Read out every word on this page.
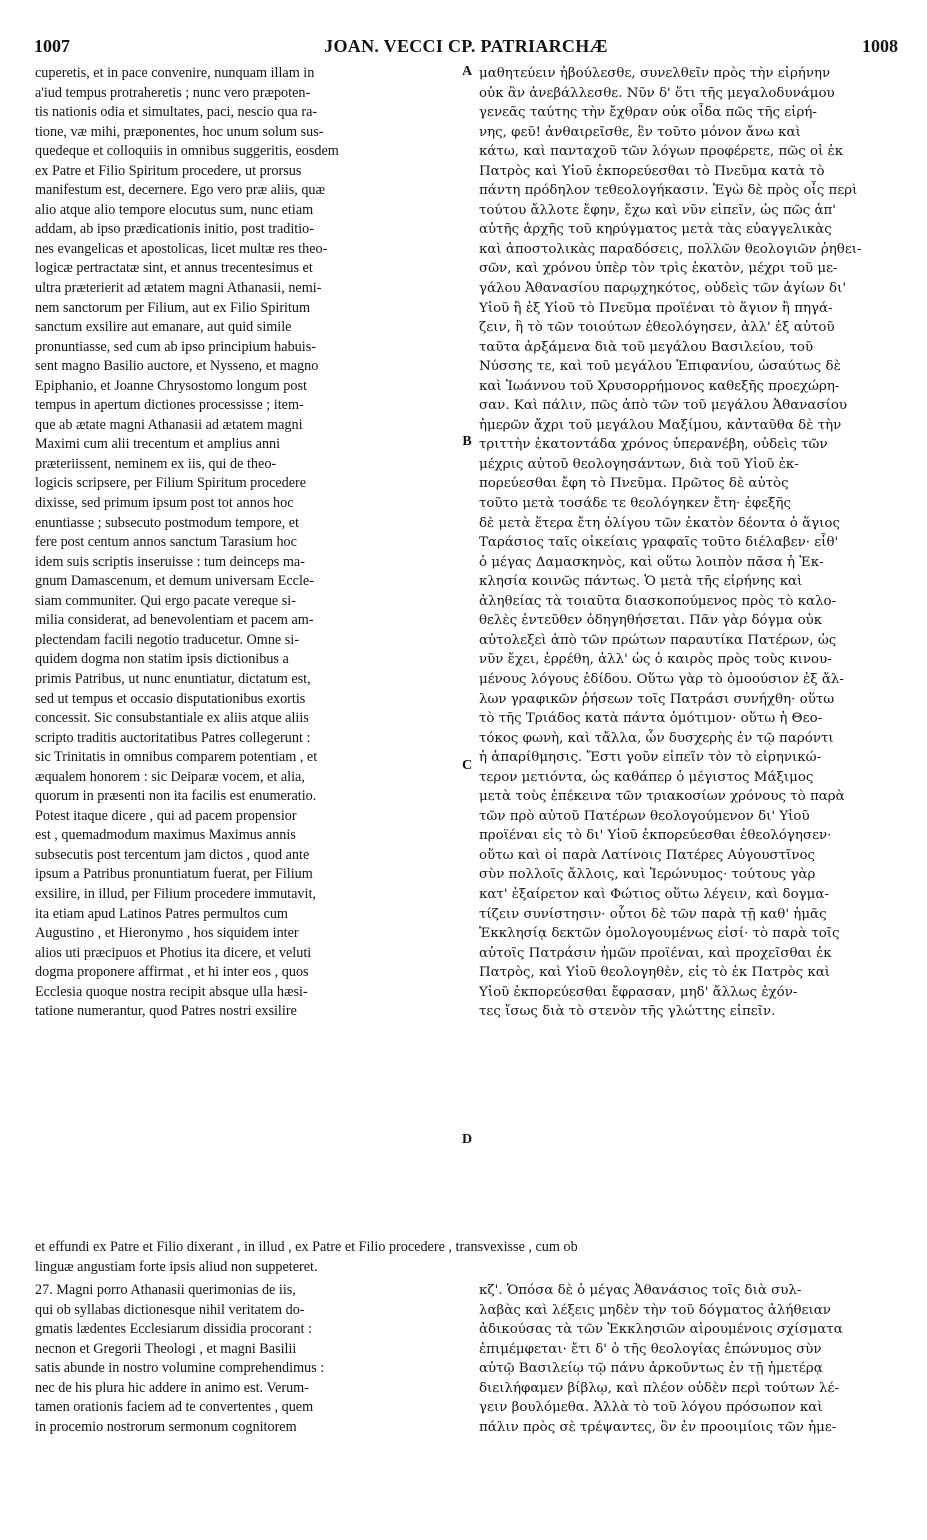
1007	JOAN. VECCI CP. PATRIARCHÆ	1008
A
B
C
D
cuperetis, et in pace convenire, nunquam illam in
a'iud tempus protraheretis ; nunc vero præpoten-
tis nationis odia et simultates, paci, nescio qua ra-
tione, væ mihi, præponentes, hoc unum solum sus-
quedeque et colloquiis in omnibus suggeritis, eosdem
ex Patre et Filio Spiritum procedere, ut prorsus
manifestum est, decernere. Ego vero præ aliis, quæ
alio atque alio tempore elocutus sum, nunc etiam
addam, ab ipso prædicationis initio, post traditio-
nes evangelicas et apostolicas, licet multæ res theo-
logicæ pertractatæ sint, et annus trecentesimus et
ultra præterierit ad ætatem magni Athanasii, nemi-
nem sanctorum per Filium, aut ex Filio Spiritum
sanctum exsilire aut emanare, aut quid simile
pronuntiasse, sed cum ab ipso principium habuis-
sent magno Basilio auctore, et Nysseno, et magno
Epiphanio, et Joanne Chrysostomo longum post
tempus in apertum dictiones processisse ; item-
que ab ætate magni Athanasii ad ætatem magni
Maximi cum alii trecentum et amplius anni
præteriissent, neminem ex iis, qui de theo-
logicis scripsere, per Filium Spiritum procedere
dixisse, sed primum ipsum post tot annos hoc
enuntiasse ; subsecuto postmodum tempore, et
fere post centum annos sanctum Tarasium hoc
idem suis scriptis inseruisse : tum deinceps ma-
gnum Damascenum, et demum universam Eccle-
siam communiter. Qui ergo pacate vereque si-
milia considerat, ad benevolentiam et pacem am-
plectendam facili negotio traducetur. Omne si-
quidem dogma non statim ipsis dictionibus a
primis Patribus, ut nunc enuntiatur, dictatum est,
sed ut tempus et occasio disputationibus exortis
concessit. Sic consubstantiale ex aliis atque aliis
scripto traditis auctoritatibus Patres collegerunt :
sic Trinitatis in omnibus comparem potentiam , et
æqualem honorem : sic Deiparæ vocem, et alia,
quorum in præsenti non ita facilis est enumeratio.
Potest itaque dicere , qui ad pacem propensior
est , quemadmodum maximus Maximus annis
subsecutis post tercentum jam dictos , quod ante
ipsum a Patribus pronuntiatum fuerat, per Filium
exsilire, in illud, per Filium procedere immutavit,
ita etiam apud Latinos Patres permultos cum
Augustino , et Hieronymo , hos siquidem inter
alios uti præcipuos et Photius ita dicere, et veluti
dogma proponere affirmat , et hi inter eos , quos
Ecclesia quoque nostra recipit absque ulla hæsi-
tatione numerantur, quod Patres nostri exsilire
μαθητεύειν ἠβούλεσθε, συνελθεῖν πρὸς τὴν εἰρήνην
οὐκ ἂν ἀνεβάλλεσθε. Νῦν δ' ὅτι τῆς μεγαλοδυνάμου
γενεᾶς ταύτης τὴν ἔχθραν οὐκ οἶδα πῶς τῆς εἰρή-
νης, φεῦ! ἀνθαιρεῖσθε, ἓν τοῦτο μόνον ἄνω καὶ
κάτω, καὶ πανταχοῦ τῶν λόγων προφέρετε, πῶς οἱ ἐκ
Πατρὸς καὶ Υἱοῦ ἐκπορεύεσθαι τὸ Πνεῦμα κατὰ τὸ
πάντη πρόδηλον τεθεολογήκασιν. Ἐγὼ δὲ πρὸς οἷς περὶ
τούτου ἄλλοτε ἔφην, ἔχω καὶ νῦν εἰπεῖν, ὡς πῶς ἀπ'
αὐτῆς ἀρχῆς τοῦ κηρύγματος μετὰ τὰς εὐαγγελικὰς
καὶ ἀποστολικὰς παραδόσεις, πολλῶν θεολογιῶν ῥηθει-
σῶν, καὶ χρόνου ὑπὲρ τὸν τρὶς ἑκατὸν, μέχρι τοῦ με-
γάλου Ἀθανασίου παρῳχηκότος, οὐδεὶς τῶν ἁγίων δι'
Υἱοῦ ἢ ἐξ Υἱοῦ τὸ Πνεῦμα προϊέναι τὸ ἅγιον ἢ πηγά-
ζειν, ἢ τὸ τῶν τοιούτων ἐθεολόγησεν, ἀλλ' ἐξ αὐτοῦ
ταῦτα ἀρξάμενα διὰ τοῦ μεγάλου Βασιλείου, τοῦ
Νύσσης τε, καὶ τοῦ μεγάλου Ἐπιφανίου, ὡσαύτως δὲ
καὶ Ἰωάννου τοῦ Χρυσορρήμονος καθεξῆς προεχώρη-
σαν. Καὶ πάλιν, πῶς ἀπὸ τῶν τοῦ μεγάλου Ἀθανασίου
ἡμερῶν ἄχρι τοῦ μεγάλου Μαξίμου, κἀνταῦθα δὲ τὴν
τριττὴν ἑκατοντάδα χρόνος ὑπερανέβη, οὐδεὶς τῶν
μέχρις αὐτοῦ θεολογησάντων, διὰ τοῦ Υἱοῦ ἐκ-
πορεύεσθαι ἔφη τὸ Πνεῦμα. Πρῶτος δὲ αὐτὸς
τοῦτο μετὰ τοσάδε τε θεολόγηκεν ἔτη· ἐφεξῆς
δὲ μετὰ ἕτερα ἔτη ὀλίγου τῶν ἑκατὸν δέοντα ὁ ἅγιος
Ταράσιος ταῖς οἰκείαις γραφαῖς τοῦτο διέλαβεν· εἶθ'
ὁ μέγας Δαμασκηνὸς, καὶ οὕτω λοιπὸν πᾶσα ἡ Ἐκ-
κλησία κοινῶς πάντως. Ὁ μετὰ τῆς εἰρήνης καὶ
ἀληθείας τὰ τοιαῦτα διασκοπούμενος πρὸς τὸ καλο-
θελὲς ἐντεῦθεν ὁδηγηθήσεται. Πᾶν γὰρ δόγμα οὐκ
αὐτολεξεὶ ἀπὸ τῶν πρώτων παραυτίκα Πατέρων, ὡς
νῦν ἔχει, ἐρρέθη, ἀλλ' ὡς ὁ καιρὸς πρὸς τοὺς κινου-
μένους λόγους ἐδίδου. Οὕτω γὰρ τὸ ὁμοούσιον ἐξ ἄλ-
λων γραφικῶν ῥήσεων τοῖς Πατράσι συνήχθη· οὕτω
τὸ τῆς Τριάδος κατὰ πάντα ὁμότιμον· οὕτω ἡ Θεο-
τόκος φωνὴ, καὶ τἄλλα, ὧν δυσχερὴς ἐν τῷ παρόντι
ἡ ἀπαρίθμησις. Ἔστι γοῦν εἰπεῖν τὸν τὸ εἰρηνικώ-
τερον μετιόντα, ὡς καθάπερ ὁ μέγιστος Μάξιμος
μετὰ τοὺς ἐπέκεινα τῶν τριακοσίων χρόνους τὸ παρὰ
τῶν πρὸ αὐτοῦ Πατέρων θεολογούμενον δι' Υἱοῦ
προϊέναι εἰς τὸ δι' Υἱοῦ ἐκπορεύεσθαι ἐθεολόγησεν·
οὕτω καὶ οἱ παρὰ Λατίνοις Πατέρες Αὐγουστῖνος
σὺν πολλοῖς ἄλλοις, καὶ Ἱερώνυμος· τούτους γὰρ
κατ' ἐξαίρετον καὶ Φώτιος οὕτω λέγειν, καὶ δογμα-
τίζειν συνίστησιν· οὗτοι δὲ τῶν παρὰ τῇ καθ' ἡμᾶς
Ἐκκλησίᾳ δεκτῶν ὁμολογουμένως εἰσί· τὸ παρὰ τοῖς
αὐτοῖς Πατράσιν ἡμῶν προϊέναι, καὶ προχεῖσθαι ἐκ
Πατρὸς, καὶ Υἱοῦ θεολογηθὲν, εἰς τὸ ἐκ Πατρὸς καὶ
Υἱοῦ ἐκπορεύεσθαι ἔφρασαν, μηδ' ἄλλως ἐχόν-
τες ἴσως διὰ τὸ στενὸν τῆς γλώττης εἰπεῖν.
et effundi ex Patre et Filio dixerant , in illud , ex Patre et Filio procedere , transvexisse , cum ob
linguæ angustiam forte ipsis aliud non suppeteret.
27. Magni porro Athanasii querimonias de iis,
qui ob syllabas dictionesque nihil veritatem do-
gmatis lædentes Ecclesiarum dissidia procorant :
necnon et Gregorii Theologi , et magni Basilii
satis abunde in nostro volumine comprehendimus :
nec de his plura hic addere in animo est. Verum-
tamen orationis faciem ad te convertentes , quem
in procemio nostrorum sermonum cognitorem
κζ'. Ὁπόσα δὲ ὁ μέγας Ἀθανάσιος τοῖς διὰ συλ-
λαβὰς καὶ λέξεις μηδὲν τὴν τοῦ δόγματος ἀλήθειαν
ἀδικούσας τὰ τῶν Ἐκκλησιῶν αἱρουμένοις σχίσματα
ἐπιμέμφεται· ἔτι δ' ὁ τῆς θεολογίας ἐπώνυμος σὺν
αὐτῷ Βασιλείῳ τῷ πάνυ ἀρκοῦντως ἐν τῇ ἡμετέρᾳ
διειλήφαμεν βίβλῳ, καὶ πλέον οὐδὲν περὶ τούτων λέ-
γειν βουλόμεθα. Ἀλλὰ τὸ τοῦ λόγου πρόσωπον καὶ
πάλιν πρὸς σὲ τρέψαντες, ὃν ἐν προοιμίοις τῶν ἡμε-
